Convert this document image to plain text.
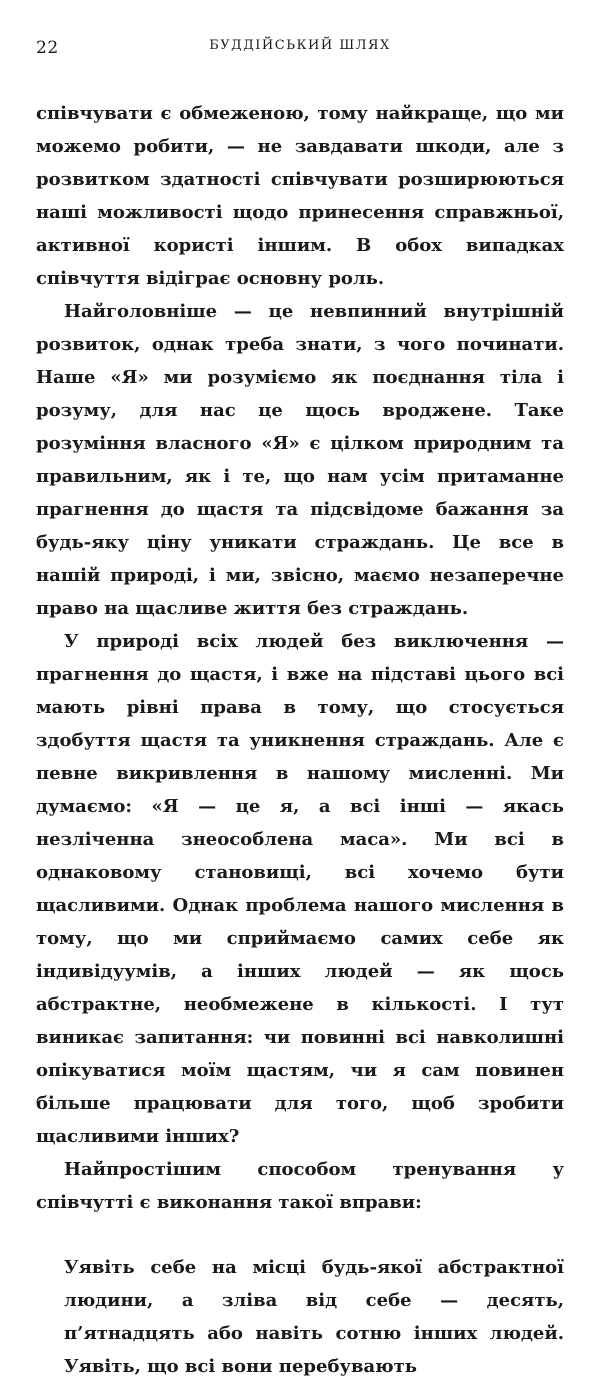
22	БУДДІЙСЬКИЙ ШЛЯХ

співчувати є обмеженою, тому найкраще, що ми можемо робити, — не завдавати шкоди, але з розвитком здатності співчувати розширюються наші можливості щодо принесення справжньої, активної користі іншим. В обох випадках співчуття відіграє основну роль.

Найголовніше — це невпинний внутрішній розвиток, однак треба знати, з чого починати. Наше «Я» ми розуміємо як поєднання тіла і розуму, для нас це щось вроджене. Таке розуміння власного «Я» є цілком природним та правильним, як і те, що нам усім притаманне прагнення до щастя та підсвідоме бажання за будь-яку ціну уникати страждань. Це все в нашій природі, і ми, звісно, маємо незаперечне право на щасливе життя без страждань.

У природі всіх людей без виключення — прагнення до щастя, і вже на підставі цього всі мають рівні права в тому, що стосується здобуття щастя та уникнення страждань. Але є певне викривлення в нашому мисленні. Ми думаємо: «Я — це я, а всі інші — якась незліченна знеособлена маса». Ми всі в однаковому становищі, всі хочемо бути щасливими. Однак проблема нашого мислення в тому, що ми сприймаємо самих себе як індивідуумів, а інших людей — як щось абстрактне, необмежене в кількості. І тут виникає запитання: чи повинні всі навколишні опікуватися моїм щастям, чи я сам повинен більше працювати для того, щоб зробити щасливими інших?

Найпростішим способом тренування у співчутті є виконання такої вправи:

Уявіть себе на місці будь-якої абстрактної людини, а зліва від себе — десять, п’ятнадцять або навіть сотню інших людей. Уявіть, що всі вони перебувають
